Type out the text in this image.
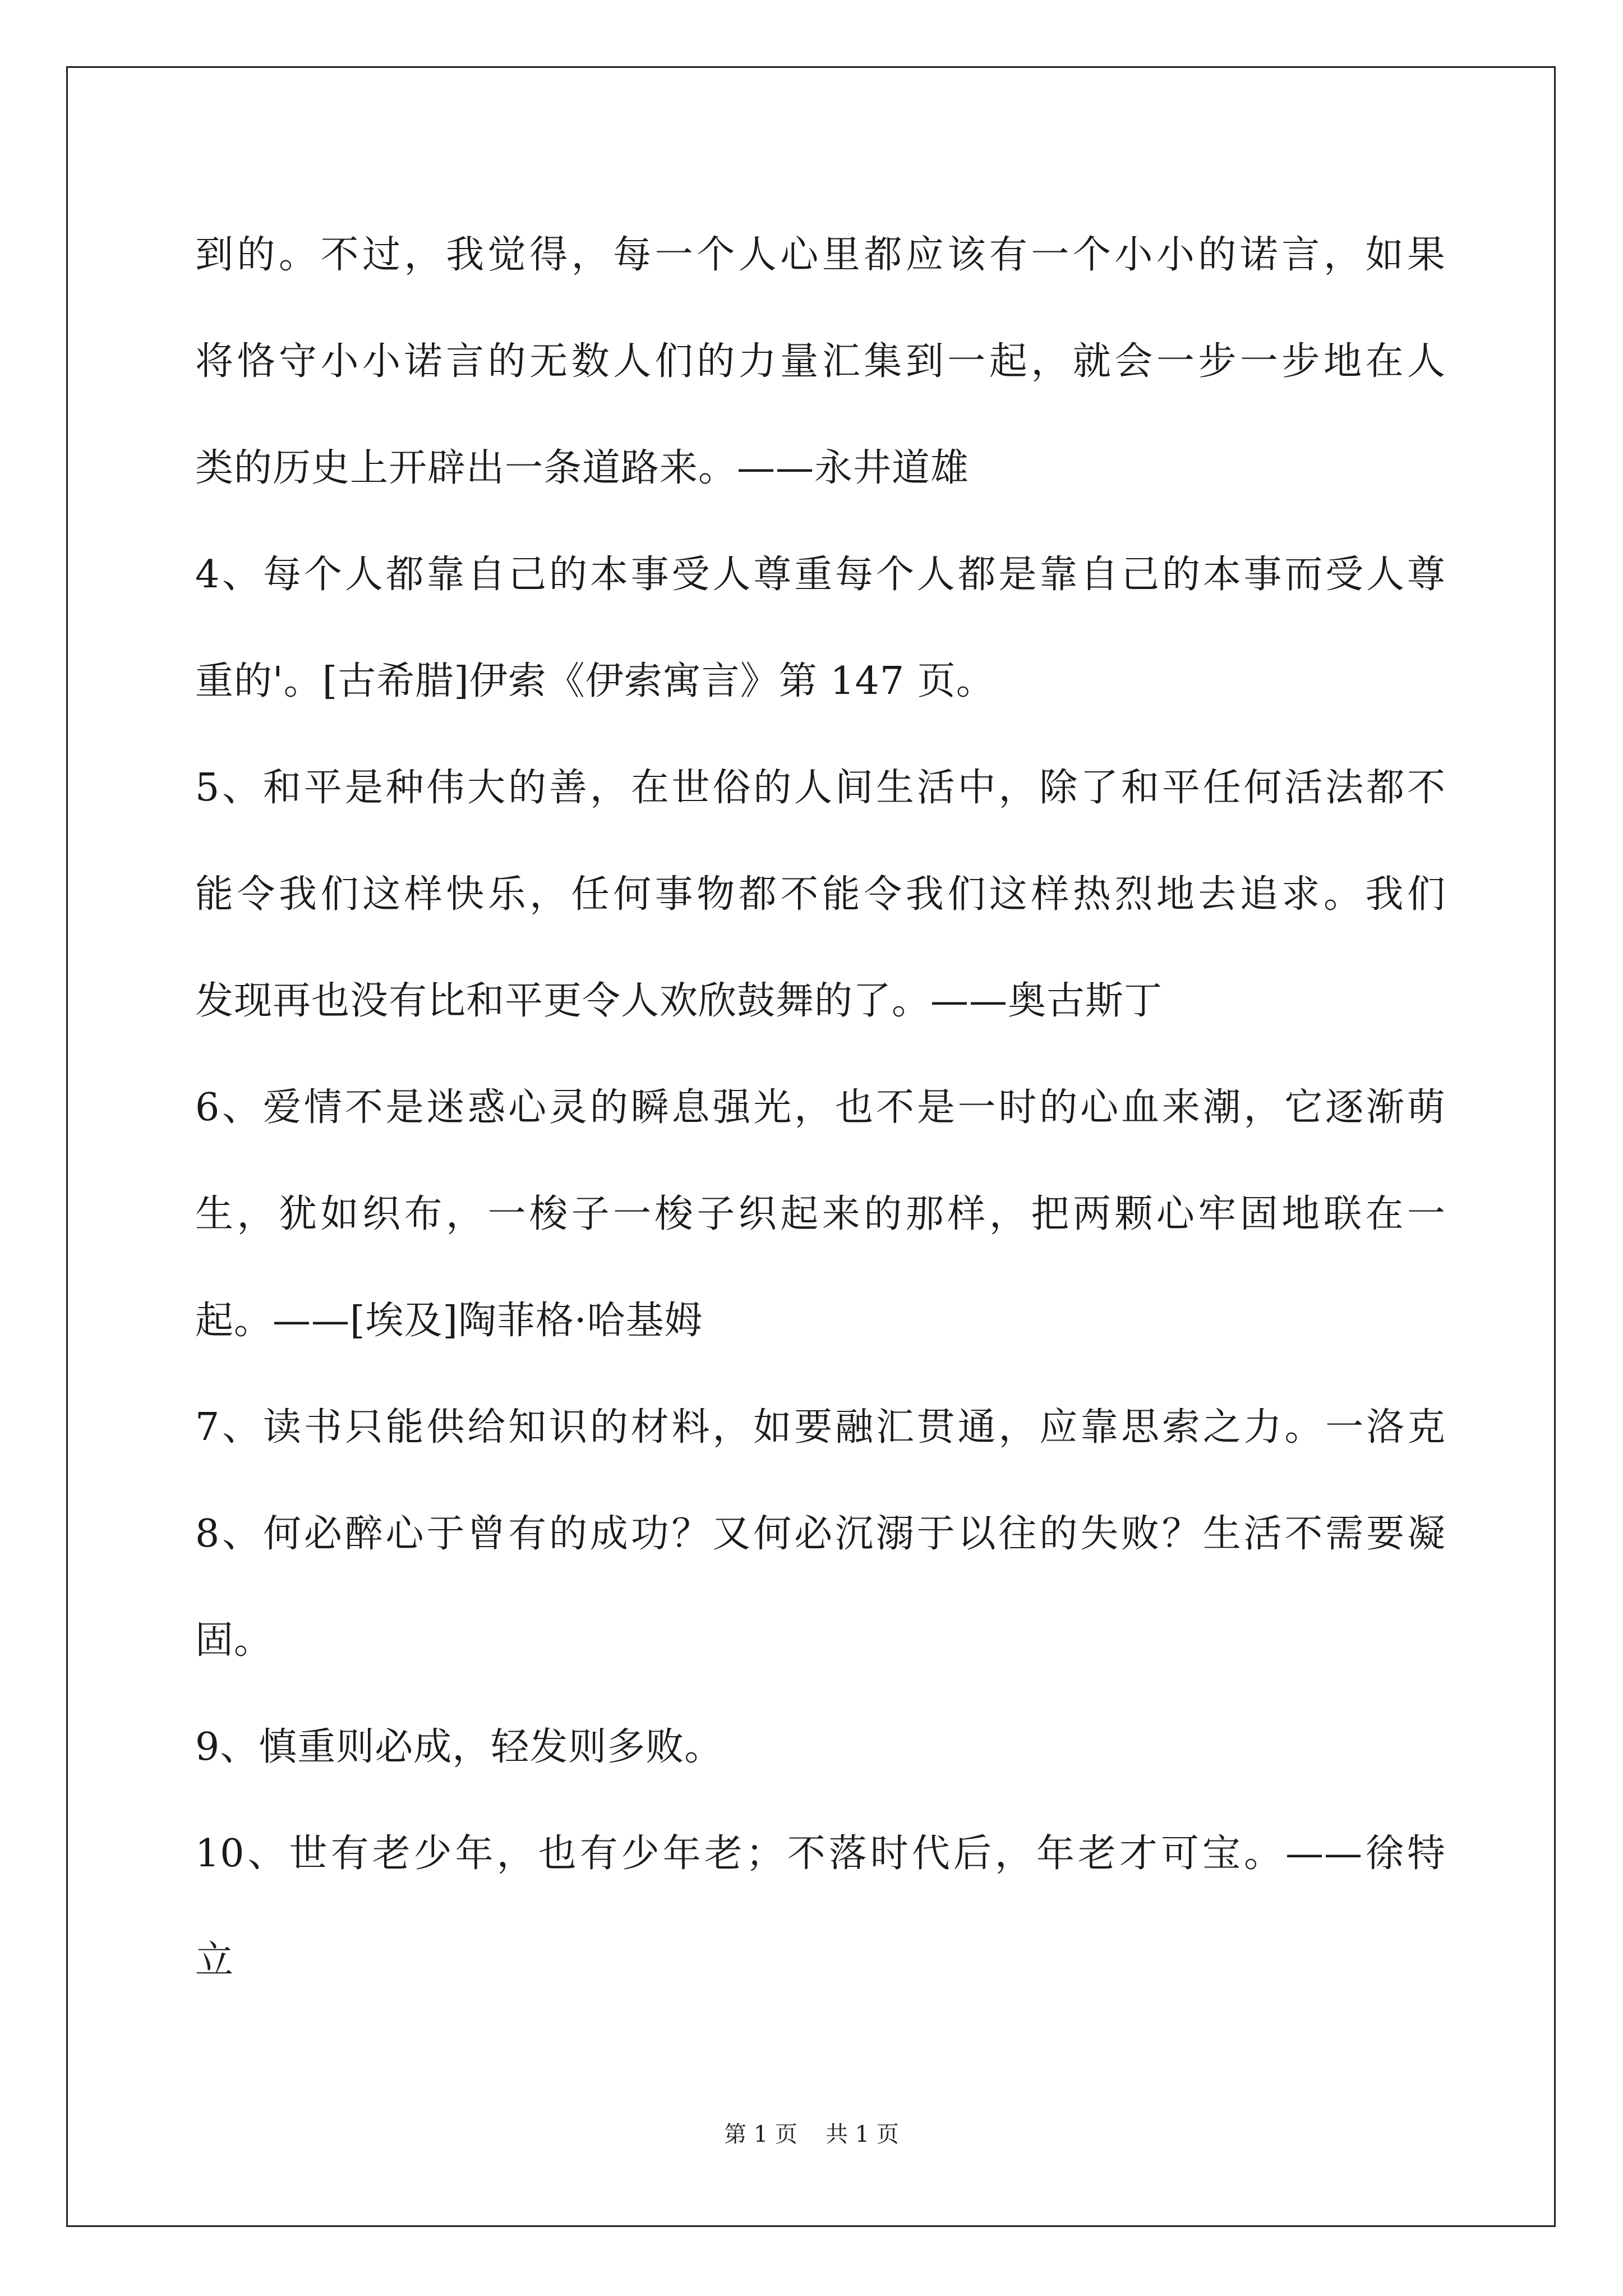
到的。不过，我觉得，每一个人心里都应该有一个小小的诺言，如果
将恪守小小诺言的无数人们的力量汇集到一起，就会一步一步地在人
类的历史上开辟出一条道路来。——永井道雄
4、每个人都靠自己的本事受人尊重每个人都是靠自己的本事而受人尊
重的'。[古希腊]伊索《伊索寓言》第 147 页。
5、和平是种伟大的善，在世俗的人间生活中，除了和平任何活法都不
能令我们这样快乐，任何事物都不能令我们这样热烈地去追求。我们
发现再也没有比和平更令人欢欣鼓舞的了。——奥古斯丁
6、爱情不是迷惑心灵的瞬息强光，也不是一时的心血来潮，它逐渐萌
生，犹如织布，一梭子一梭子织起来的那样，把两颗心牢固地联在一
起。——[埃及]陶菲格·哈基姆
7、读书只能供给知识的材料，如要融汇贯通，应靠思索之力。一洛克
8、何必醉心于曾有的成功？又何必沉溺于以往的失败？生活不需要凝
固。
9、慎重则必成，轻发则多败。
10、世有老少年，也有少年老；不落时代后，年老才可宝。——徐特
立
第 1 页 共 1 页
